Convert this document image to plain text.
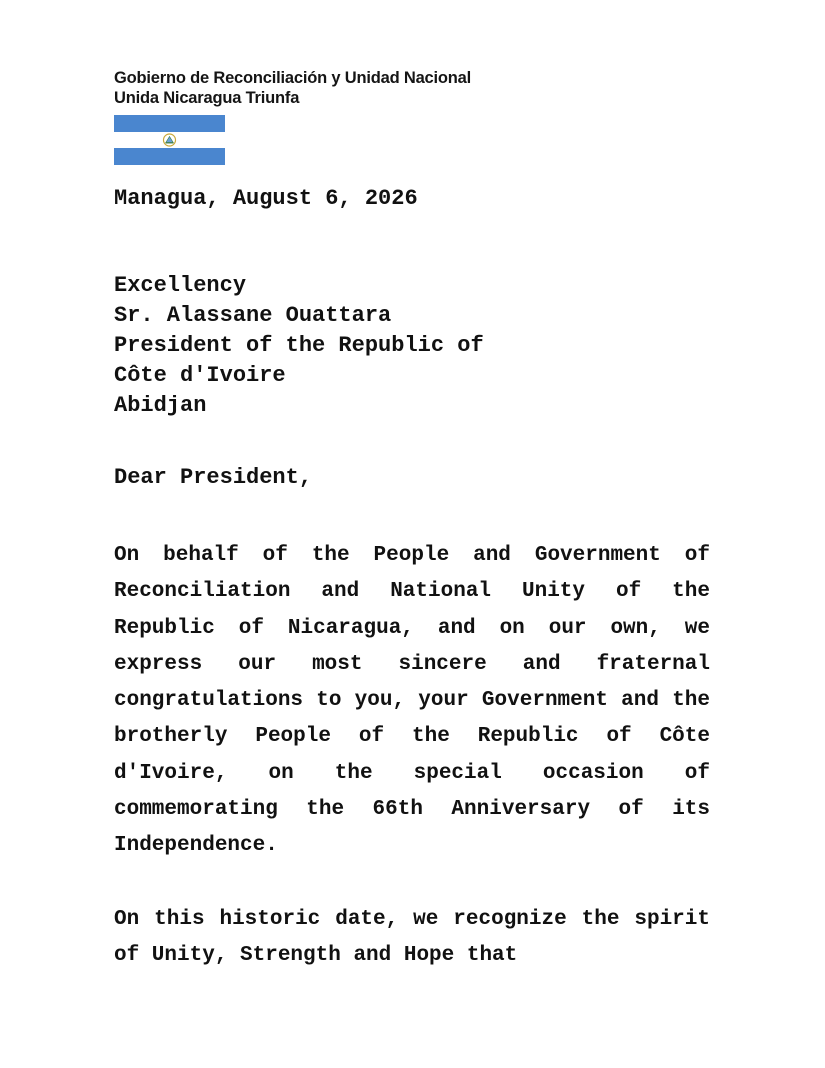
Gobierno de Reconciliación y Unidad Nacional
Unida Nicaragua Triunfa
Managua, August 6, 2026
Excellency
Sr. Alassane Ouattara
President of the Republic of
Côte d'Ivoire
Abidjan
Dear President,
On behalf of the People and Government of Reconciliation and National Unity of the Republic of Nicaragua, and on our own, we express our most sincere and fraternal congratulations to you, your Government and the brotherly People of the Republic of Côte d'Ivoire, on the special occasion of commemorating the 66th Anniversary of its Independence.
On this historic date, we recognize the spirit of Unity, Strength and Hope that
